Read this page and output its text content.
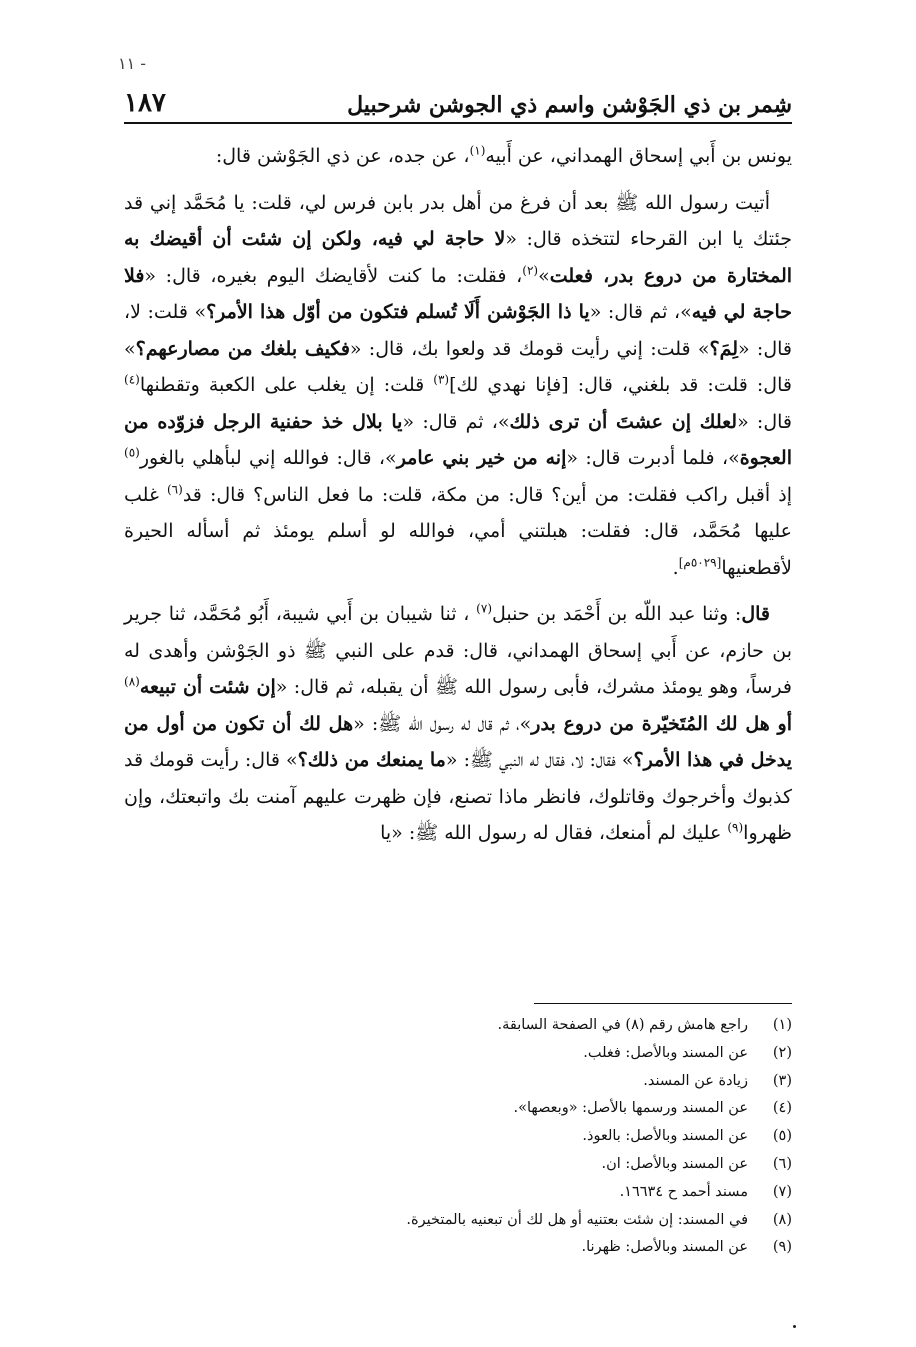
١١ -
شِمر بن ذي الجَوْشن واسم ذي الجوشن شرحبيل
١٨٧

يونس بن أَبي إسحاق الهمداني، عن أَبيه$^{(١)}$، عن جده، عن ذي الجَوْشن قال:

أتيت رسول الله ﷺ بعد أن فرغ من أهل بدر بابن فرس لي، قلت: يا مُحَمَّد إني قد جئتك يا ابن القرحاء لتتخذه قال: «لا حاجة لي فيه، ولكن إن شئت أن أقيضك به المختارة من دروع بدر، فعلت»$^{(٢)}$، فقلت: ما كنت لأقايضك اليوم بغيره، قال: «فلا حاجة لي فيه»، ثم قال: «يا ذا الجَوْشن أَلَا تُسلم فتكون من أوّل هذا الأمر؟» قلت: لا، قال: «لِمَ؟» قلت: إني رأيت قومك قد ولعوا بك، قال: «فكيف بلغك من مصارعهم؟» قال: قلت: قد بلغني، قال: [فإنا نهدي لك]$^{(٣)}$ قلت: إن يغلب على الكعبة وتقطنها$^{(٤)}$ قال: «لعلك إن عشتَ أن ترى ذلك»، ثم قال: «يا بلال خذ حفنية الرجل فزوّده من العجوة»، فلما أدبرت قال: «إنه من خير بني عامر»، قال: فوالله إني لبأهلي بالغور$^{(٥)}$ إذ أقبل راكب فقلت: من أين؟ قال: من مكة، قلت: ما فعل الناس؟ قال: قد$^{(٦)}$ غلب عليها مُحَمَّد، قال: فقلت: هبلتني أمي، فوالله لو أسلم يومئذ ثم أسأله الحيرة لأقطعنيها[٥٠٢٩م].

قال: وثنا عبد اللّه بن أَحْمَد بن حنبل$^{(٧)}$ ، ثنا شيبان بن أَبي شيبة، أَبُو مُحَمَّد، ثنا جرير بن حازم، عن أَبي إسحاق الهمداني، قال: قدم على النبي ﷺ ذو الجَوْشن وأهدى له فرساً، وهو يومئذ مشرك، فأبى رسول الله ﷺ أن يقبله، ثم قال: «إن شئت أن تبيعه$^{(٨)}$ أو هل لك المُتَخيّرة من دروع بدر»، ثم قال له رسول الله ﷺ: «هل لك أن تكون من أول من يدخل في هذا الأمر؟» فقال: لا، فقال له النبي ﷺ: «ما يمنعك من ذلك؟» قال: رأيت قومك قد كذبوك وأخرجوك وقاتلوك، فانظر ماذا تصنع، فإن ظهرت عليهم آمنت بك واتبعتك، وإن ظهروا$^{(٩)}$ عليك لم أمنعك، فقال له رسول الله ﷺ: «يا

(١)
راجع هامش رقم (٨) في الصفحة السابقة.
(٢)
عن المسند وبالأصل: فغلب.
(٣)
زيادة عن المسند.
(٤)
عن المسند ورسمها بالأصل: «وبعصها».
(٥)
عن المسند وبالأصل: بالعوذ.
(٦)
عن المسند وبالأصل: ان.
(٧)
مسند أحمد ح ١٦٦٣٤.
(٨)
في المسند: إن شئت بعتنيه أو هل لك أن تبعنيه بالمتخيرة.
(٩)
عن المسند وبالأصل: ظهرنا.
